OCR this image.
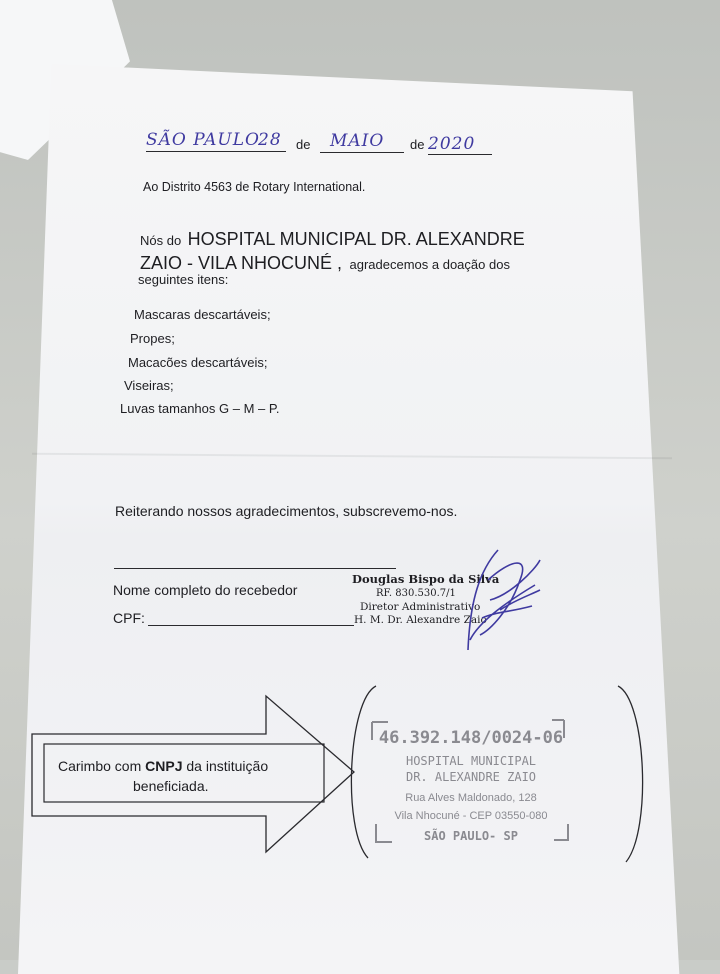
SÃO PAULO
28 de MAIO de 2020
Ao Distrito 4563 de Rotary International.
Nós do HOSPITAL MUNICIPAL DR. ALEXANDRE
ZAIO - VILA NHOCUNÉ , agradecemos a doação dos
seguintes itens:
Mascaras descartáveis;
Propes;
Macacões descartáveis;
Viseiras;
Luvas tamanhos G – M – P.
Reiterando nossos agradecimentos, subscrevemo-nos.
Nome completo do recebedor
CPF:
Douglas Bispo da Silva
RF. 830.530.7/1
Diretor Administrativo
H. M. Dr. Alexandre Zaio
Carimbo com CNPJ da instituição
beneficiada.
46.392.148/0024-06
HOSPITAL MUNICIPAL
DR. ALEXANDRE ZAIO
Rua Alves Maldonado, 128
Vila Nhocuné - CEP 03550-080
SÃO PAULO- SP
